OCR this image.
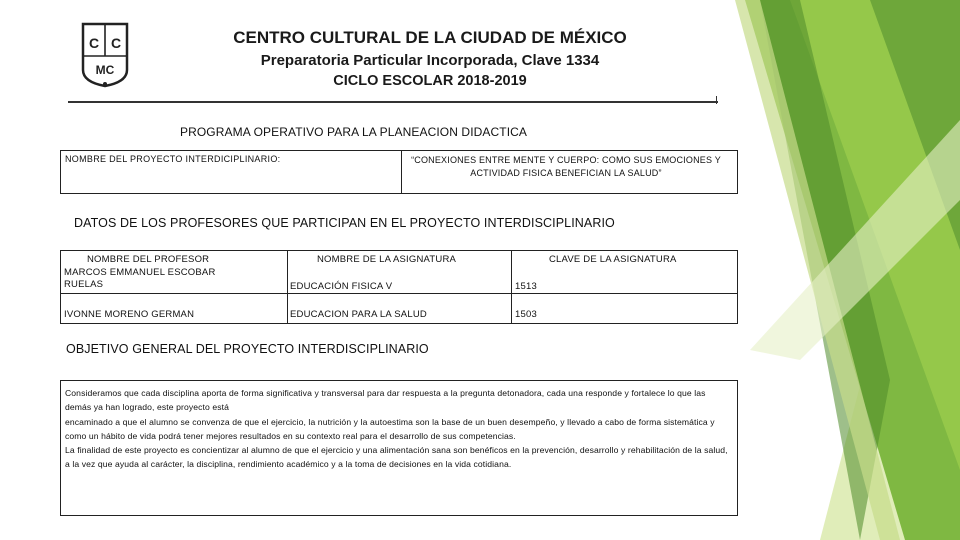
C C
MC
CENTRO CULTURAL DE LA CIUDAD DE MÉXICO
Preparatoria Particular Incorporada, Clave 1334
CICLO ESCOLAR 2018-2019
PROGRAMA OPERATIVO PARA LA PLANEACION DIDACTICA
NOMBRE DEL PROYECTO INTERDICIPLINARIO:	“CONEXIONES ENTRE MENTE Y CUERPO: COMO SUS EMOCIONES Y ACTIVIDAD FISICA BENEFICIAN LA SALUD”
DATOS DE LOS PROFESORES QUE PARTICIPAN EN EL PROYECTO INTERDISCIPLINARIO
NOMBRE DEL PROFESOR	NOMBRE DE LA ASIGNATURA	CLAVE DE LA ASIGNATURA
MARCOS EMMANUEL ESCOBAR RUELAS	EDUCACIÓN FISICA V	1513
IVONNE MORENO GERMAN	EDUCACION PARA LA SALUD	1503
OBJETIVO GENERAL DEL PROYECTO INTERDISCIPLINARIO

Consideramos que cada disciplina aporta de forma significativa y transversal para dar respuesta a la pregunta detonadora, cada una responde y fortalece lo que las demás ya han logrado, este proyecto está

encaminado a que el alumno se convenza de que el ejercicio, la nutrición y la autoestima son la base de un buen desempeño, y llevado a cabo de forma sistemática y como un hábito de vida podrá tener mejores resultados en su contexto real para el desarrollo de sus competencias.

La finalidad de este proyecto es concientizar al alumno de que el ejercicio y una alimentación sana son benéficos en la prevención, desarrollo y rehabilitación de la salud, a la vez que ayuda al carácter, la disciplina, rendimiento académico y a la toma de decisiones en la vida cotidiana.
